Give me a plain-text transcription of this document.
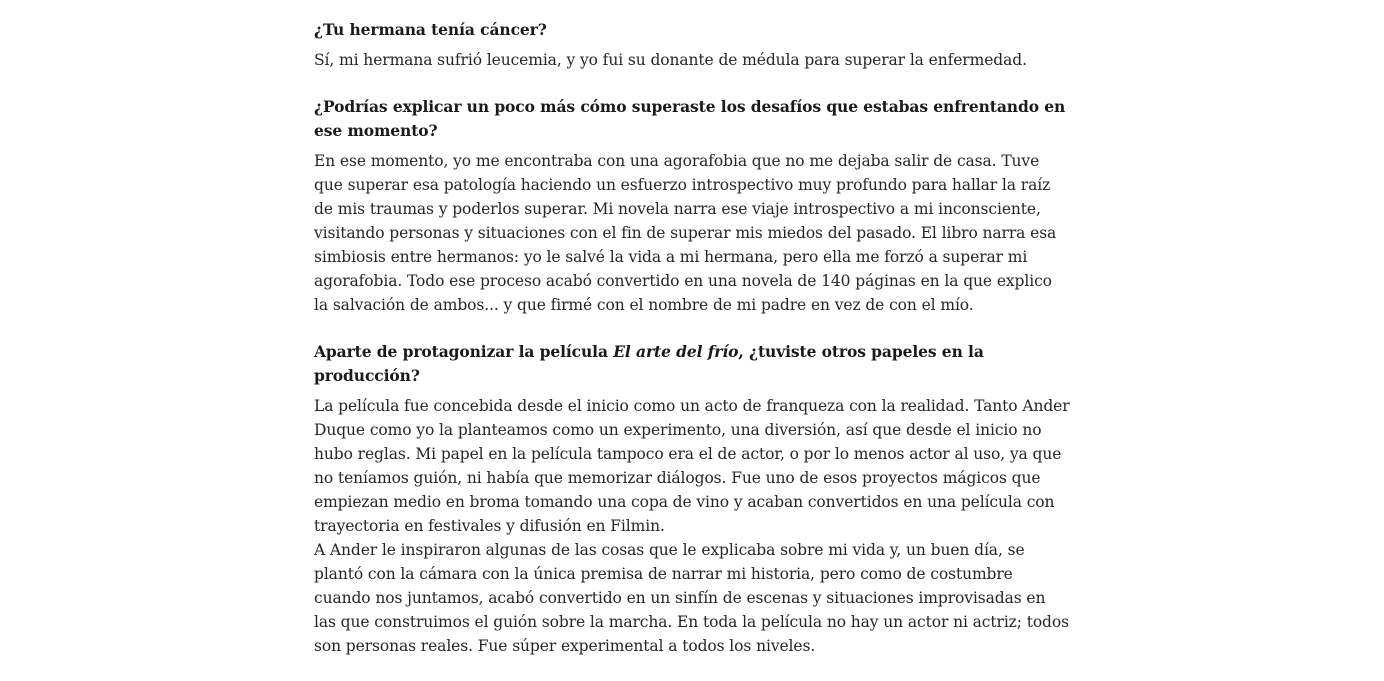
¿Tu hermana tenía cáncer?

Sí, mi hermana sufrió leucemia, y yo fui su donante de médula para superar la enfermedad.

¿Podrías explicar un poco más cómo superaste los desafíos que estabas enfrentando en ese momento?

En ese momento, yo me encontraba con una agorafobia que no me dejaba salir de casa. Tuve que superar esa patología haciendo un esfuerzo introspectivo muy profundo para hallar la raíz de mis traumas y poderlos superar. Mi novela narra ese viaje introspectivo a mi inconsciente, visitando personas y situaciones con el fin de superar mis miedos del pasado. El libro narra esa simbiosis entre hermanos: yo le salvé la vida a mi hermana, pero ella me forzó a superar mi agorafobia. Todo ese proceso acabó convertido en una novela de 140 páginas en la que explico la salvación de ambos... y que firmé con el nombre de mi padre en vez de con el mío.

Aparte de protagonizar la película El arte del frío, ¿tuviste otros papeles en la producción?

La película fue concebida desde el inicio como un acto de franqueza con la realidad. Tanto Ander Duque como yo la planteamos como un experimento, una diversión, así que desde el inicio no hubo reglas. Mi papel en la película tampoco era el de actor, o por lo menos actor al uso, ya que no teníamos guión, ni había que memorizar diálogos. Fue uno de esos proyectos mágicos que empiezan medio en broma tomando una copa de vino y acaban convertidos en una película con trayectoria en festivales y difusión en Filmin.

A Ander le inspiraron algunas de las cosas que le explicaba sobre mi vida y, un buen día, se plantó con la cámara con la única premisa de narrar mi historia, pero como de costumbre cuando nos juntamos, acabó convertido en un sinfín de escenas y situaciones improvisadas en las que construimos el guión sobre la marcha. En toda la película no hay un actor ni actriz; todos son personas reales. Fue súper experimental a todos los niveles.
